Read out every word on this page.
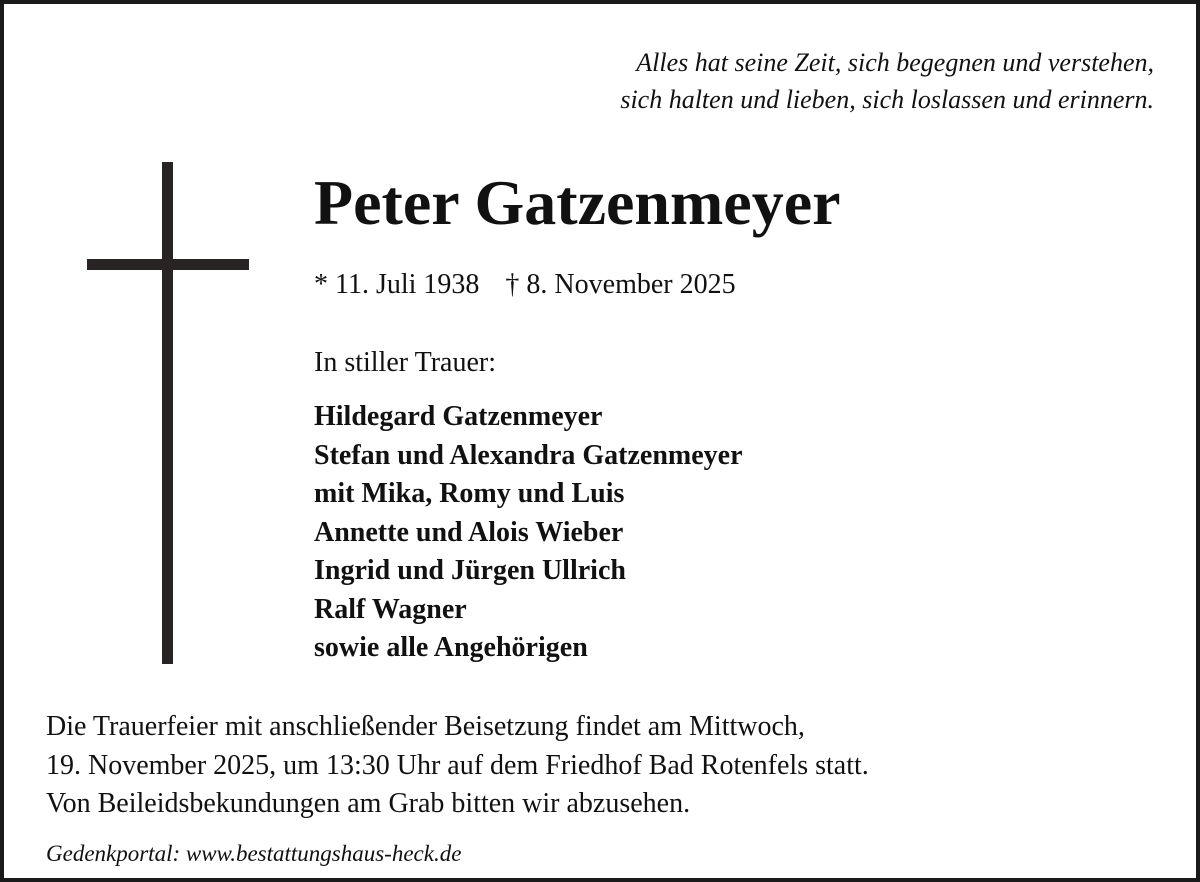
Alles hat seine Zeit, sich begegnen und verstehen,
sich halten und lieben, sich loslassen und erinnern.
Peter Gatzenmeyer
* 11. Juli 1938 † 8. November 2025
In stiller Trauer:
Hildegard Gatzenmeyer
Stefan und Alexandra Gatzenmeyer
mit Mika, Romy und Luis
Annette und Alois Wieber
Ingrid und Jürgen Ullrich
Ralf Wagner
sowie alle Angehörigen
Die Trauerfeier mit anschließender Beisetzung findet am Mittwoch,
19. November 2025, um 13:30 Uhr auf dem Friedhof Bad Rotenfels statt.
Von Beileidsbekundungen am Grab bitten wir abzusehen.
Gedenkportal: www.bestattungshaus-heck.de
